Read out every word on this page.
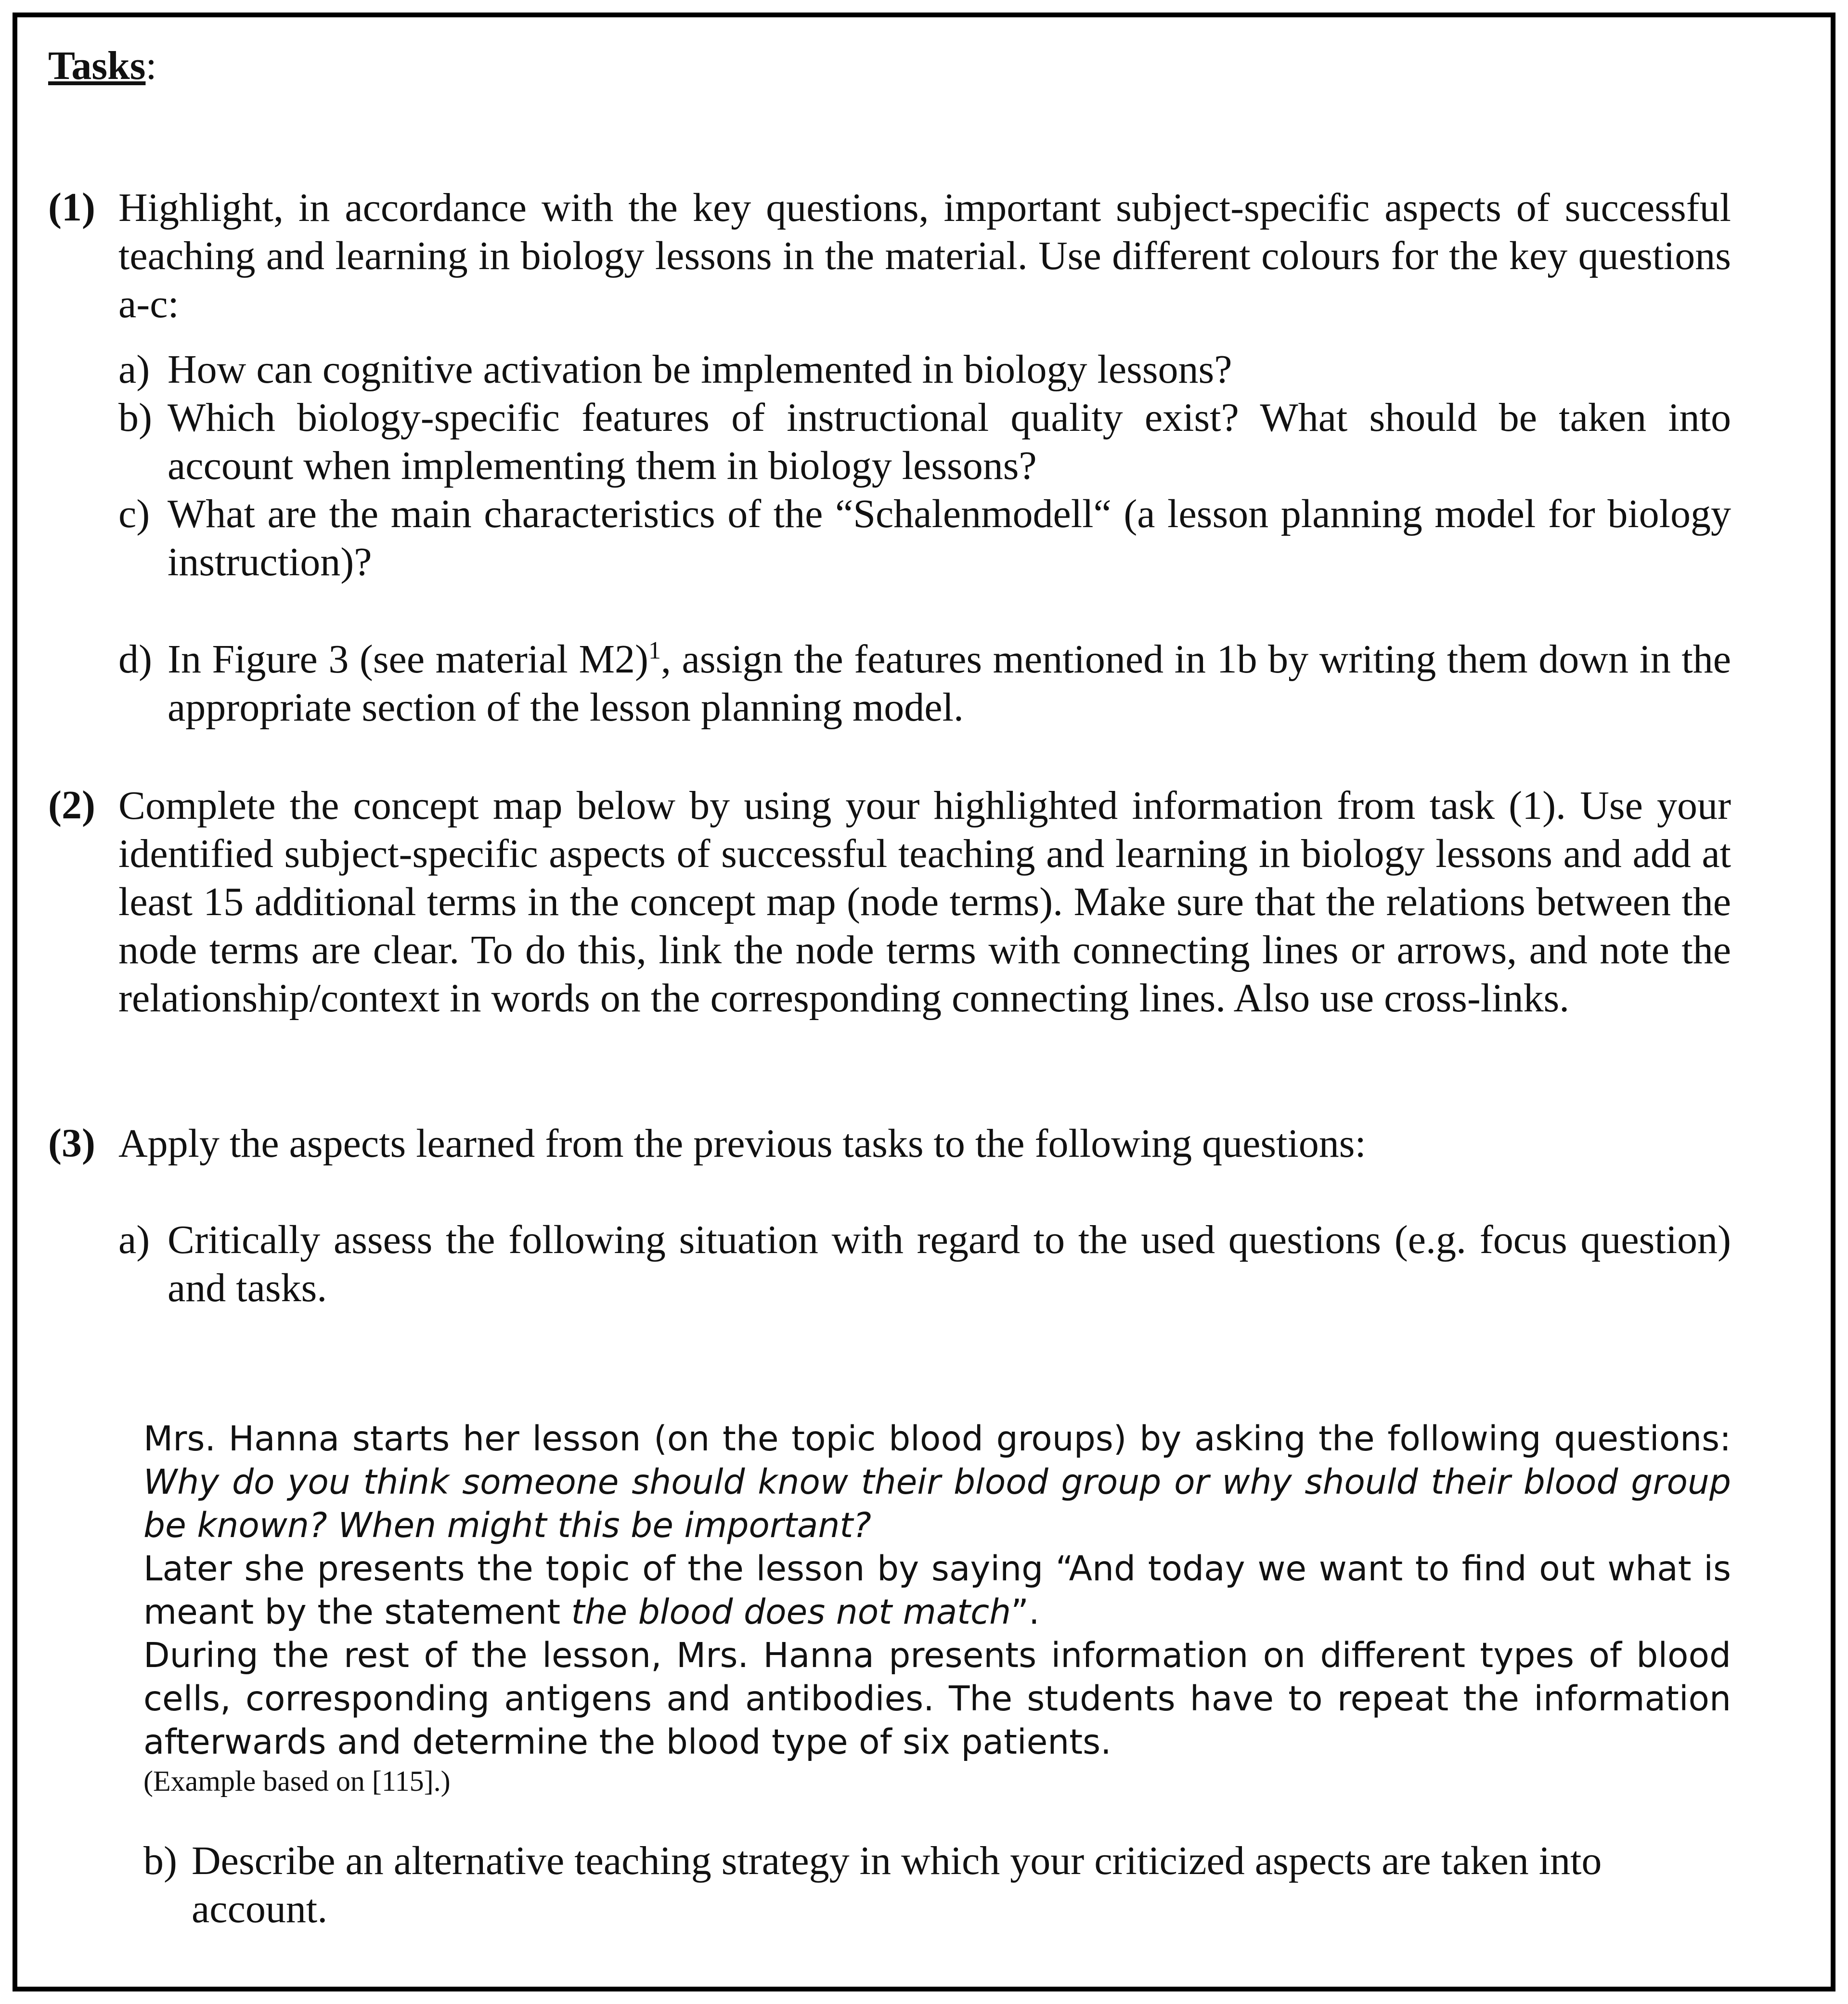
Tasks:
(1) Highlight, in accordance with the key questions, important subject-specific aspects of successful teaching and learning in biology lessons in the material. Use different colours for the key questions a-c:

a) How can cognitive activation be implemented in biology lessons?

b) Which biology-specific features of instructional quality exist? What should be taken into account when implementing them in biology lessons?

c) What are the main characteristics of the “Schalenmodell“ (a lesson planning model for biology instruction)?

d) In Figure 3 (see material M2)$^1$, assign the features mentioned in 1b by writing them down in the appropriate section of the lesson planning model.

(2) Complete the concept map below by using your highlighted information from task (1). Use your identified subject-specific aspects of successful teaching and learning in biology lessons and add at least 15 additional terms in the concept map (node terms). Make sure that the relations between the node terms are clear. To do this, link the node terms with connecting lines or arrows, and note the relationship/context in words on the corresponding connecting lines. Also use cross-links.

(3) Apply the aspects learned from the previous tasks to the following questions:

a) Critically assess the following situation with regard to the used questions (e.g. focus question) and tasks.

Mrs. Hanna starts her lesson (on the topic blood groups) by asking the following questions: Why do you think someone should know their blood group or why should their blood group be known? When might this be important?

Later she presents the topic of the lesson by saying “And today we want to find out what is meant by the statement the blood does not match”.

During the rest of the lesson, Mrs. Hanna presents information on different types of blood cells, corresponding antigens and antibodies. The students have to repeat the information afterwards and determine the blood type of six patients.

(Example based on [115].)

b) Describe an alternative teaching strategy in which your criticized aspects are taken into account.
